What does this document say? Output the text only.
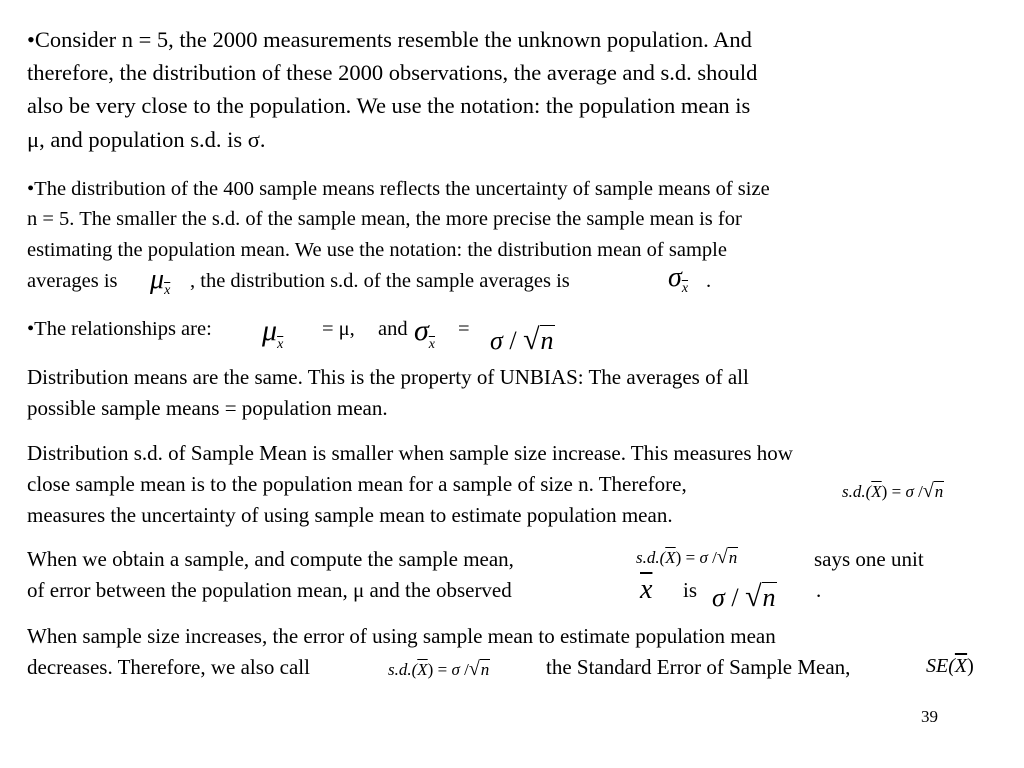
•Consider n = 5, the 2000 measurements resemble the unknown population. And
therefore, the distribution of these 2000 observations, the average and s.d. should
also be very close to the population. We use the notation: the population mean is
μ, and population s.d. is σ.
•The distribution of the 400 sample means reflects the uncertainty of sample means of size
n = 5. The smaller the s.d. of the sample mean, the more precise the sample mean is for
estimating the population mean. We use the notation: the distribution mean of sample
averages is $\mu_{\overline{x}}$ , the distribution s.d. of the sample averages is	$\sigma_{\overline{x}}$ .
•The relationships are: $\mu_{\overline{x}}$
= μ, and $\sigma_{\overline{x}}$
= σ / √n
Distribution means are the same. This is the property of UNBIAS: The averages of all
possible sample means = population mean.
Distribution s.d. of Sample Mean is smaller when sample size increase. This measures how
close sample mean is to the population mean for a sample of size n. Therefore,	$s.d.(\overline{X}) = \sigma$ /√n
measures the uncertainty of using sample mean to estimate population mean.
When we obtain a sample, and compute the sample mean,	$s.d.(\overline{X}) = \sigma$ /√n	says one unit
of error between the population mean, μ and the observed	$\overline{x}$ is σ / √n .
When sample size increases, the error of using sample mean to estimate population mean
decreases. Therefore, we also call	$s.d.(\overline{X}) = \sigma$ /√n	the Standard Error of Sample Mean,	$SE(\overline{X})$
39
